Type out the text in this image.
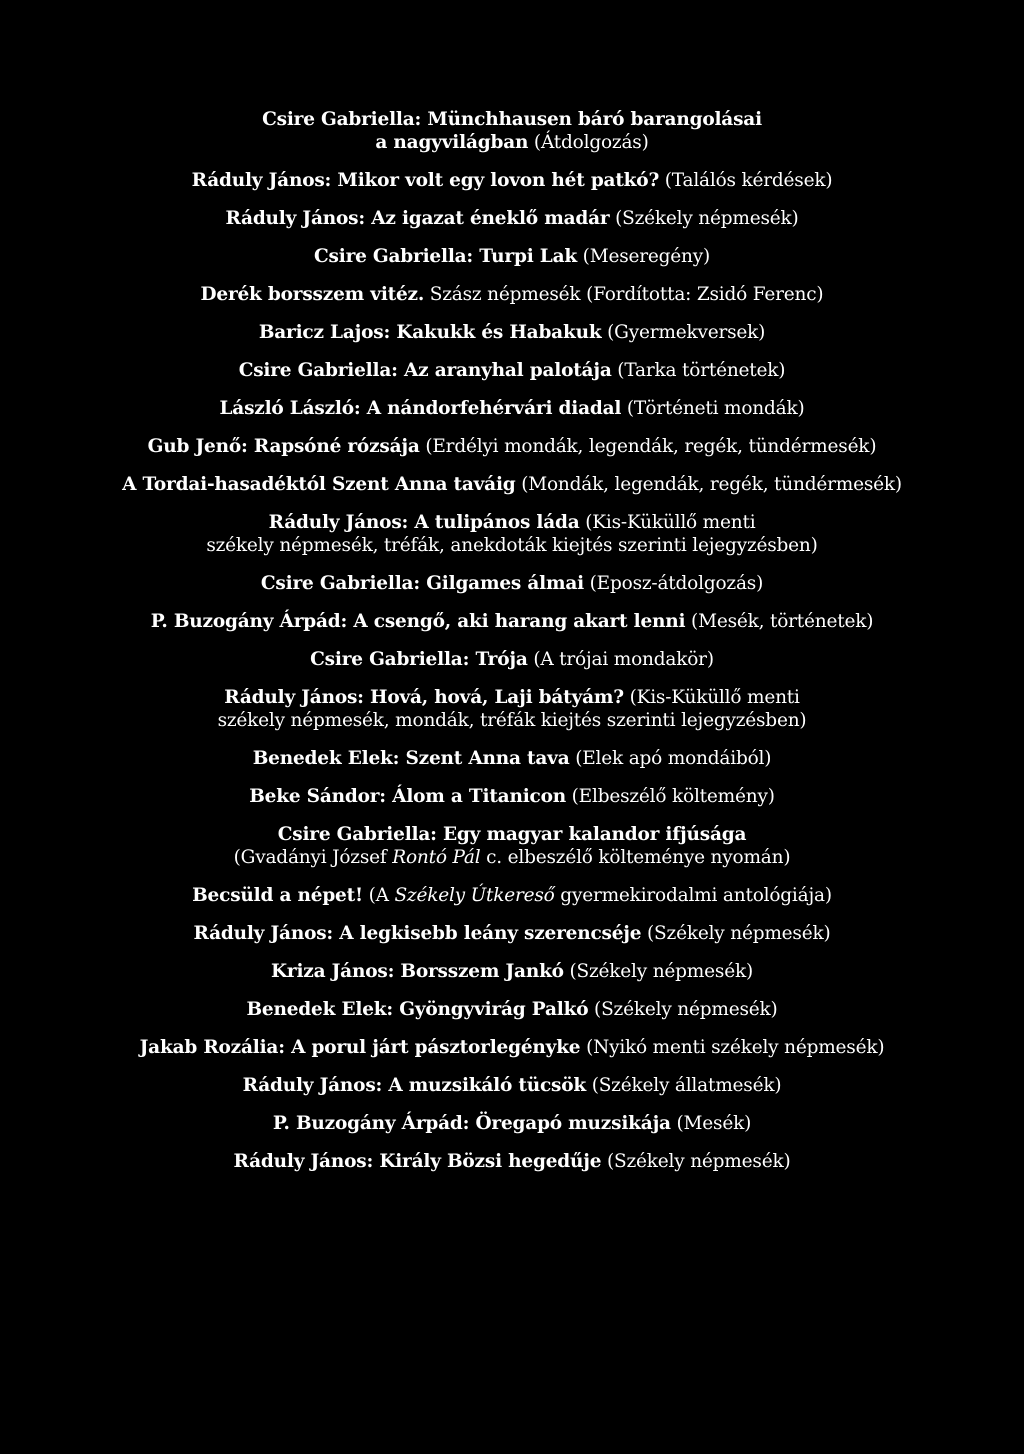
Csire Gabriella: Münchhausen báró barangolásai
a nagyvilágban (Átdolgozás)
Ráduly János: Mikor volt egy lovon hét patkó? (Találós kérdések)
Ráduly János: Az igazat éneklő madár (Székely népmesék)
Csire Gabriella: Turpi Lak (Meseregény)
Derék borsszem vitéz. Szász népmesék (Fordította: Zsidó Ferenc)
Baricz Lajos: Kakukk és Habakuk (Gyermekversek)
Csire Gabriella: Az aranyhal palotája (Tarka történetek)
László László: A nándorfehérvári diadal (Történeti mondák)
Gub Jenő: Rapsóné rózsája (Erdélyi mondák, legendák, regék, tündérmesék)
A Tordai-hasadéktól Szent Anna taváig (Mondák, legendák, regék, tündérmesék)
Ráduly János: A tulipános láda (Kis-Küküllő menti
székely népmesék, tréfák, anekdoták kiejtés szerinti lejegyzésben)
Csire Gabriella: Gilgames álmai (Eposz-átdolgozás)
P. Buzogány Árpád: A csengő, aki harang akart lenni (Mesék, történetek)
Csire Gabriella: Trója (A trójai mondakör)
Ráduly János: Hová, hová, Laji bátyám? (Kis-Küküllő menti
székely népmesék, mondák, tréfák kiejtés szerinti lejegyzésben)
Benedek Elek: Szent Anna tava (Elek apó mondáiból)
Beke Sándor: Álom a Titanicon (Elbeszélő költemény)
Csire Gabriella: Egy magyar kalandor ifjúsága
(Gvadányi József Rontó Pál c. elbeszélő költeménye nyomán)
Becsüld a népet! (A Székely Útkereső gyermekirodalmi antológiája)
Ráduly János: A legkisebb leány szerencséje (Székely népmesék)
Kriza János: Borsszem Jankó (Székely népmesék)
Benedek Elek: Gyöngyvirág Palkó (Székely népmesék)
Jakab Rozália: A porul járt pásztorlegényke (Nyikó menti székely népmesék)
Ráduly János: A muzsikáló tücsök (Székely állatmesék)
P. Buzogány Árpád: Öregapó muzsikája (Mesék)
Ráduly János: Király Bözsi hegedűje (Székely népmesék)
